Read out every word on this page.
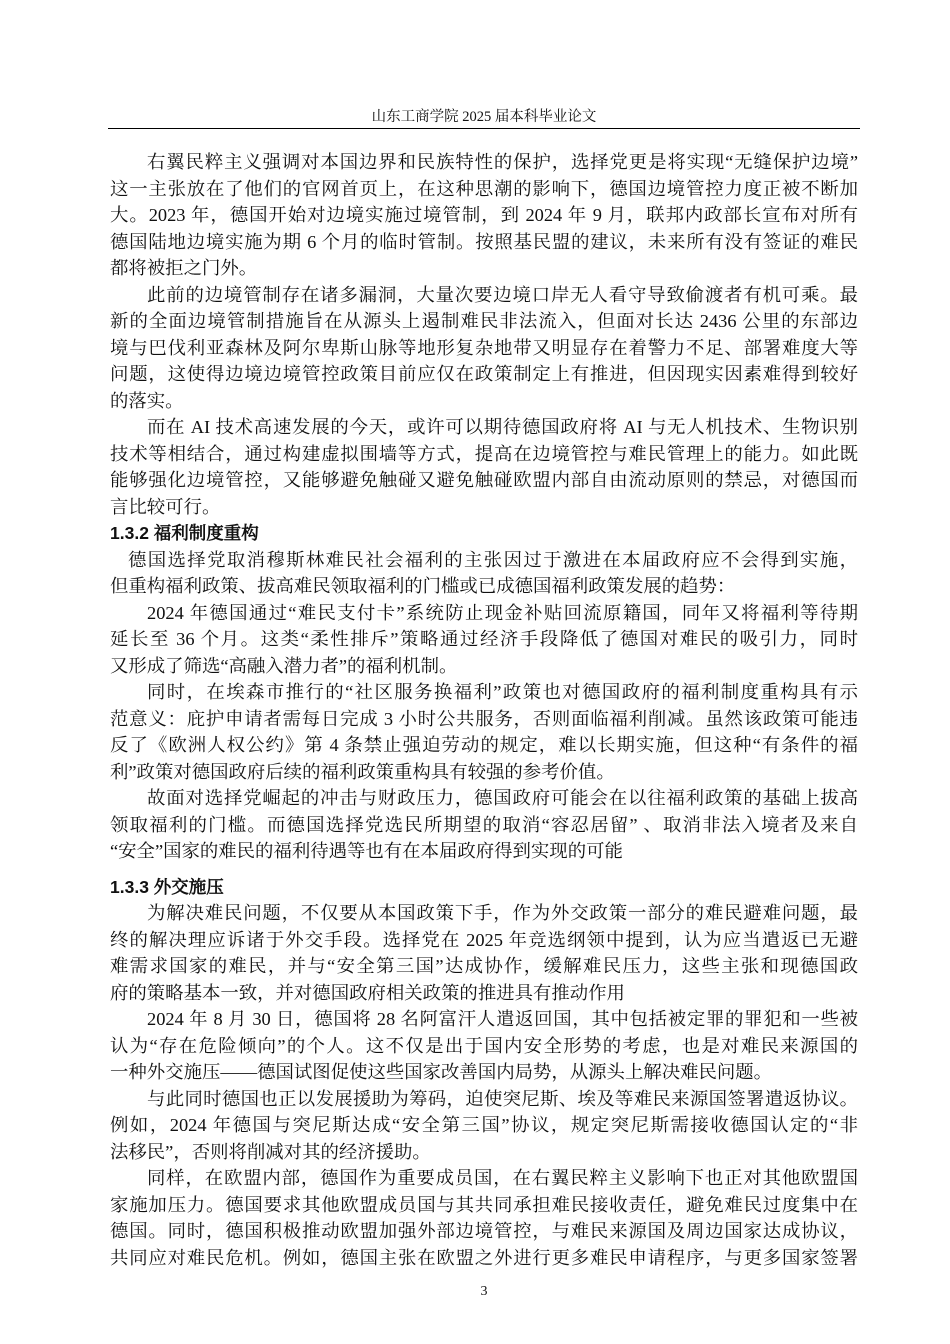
山东工商学院 2025 届本科毕业论文
右翼民粹主义强调对本国边界和民族特性的保护，选择党更是将实现“无缝保护边境”
这一主张放在了他们的官网首页上，在这种思潮的影响下，德国边境管控力度正被不断加
大。2023 年，德国开始对边境实施过境管制，到 2024 年 9 月，联邦内政部长宣布对所有
德国陆地边境实施为期 6 个月的临时管制。按照基民盟的建议，未来所有没有签证的难民
都将被拒之门外。
此前的边境管制存在诸多漏洞，大量次要边境口岸无人看守导致偷渡者有机可乘。最
新的全面边境管制措施旨在从源头上遏制难民非法流入，但面对长达 2436 公里的东部边
境与巴伐利亚森林及阿尔卑斯山脉等地形复杂地带又明显存在着警力不足、部署难度大等
问题，这使得边境边境管控政策目前应仅在政策制定上有推进，但因现实因素难得到较好
的落实。
而在 AI 技术高速发展的今天，或许可以期待德国政府将 AI 与无人机技术、生物识别
技术等相结合，通过构建虚拟围墙等方式，提高在边境管控与难民管理上的能力。如此既
能够强化边境管控，又能够避免触碰又避免触碰欧盟内部自由流动原则的禁忌，对德国而
言比较可行。
1.3.2 福利制度重构
德国选择党取消穆斯林难民社会福利的主张因过于激进在本届政府应不会得到实施，
但重构福利政策、拔高难民领取福利的门槛或已成德国福利政策发展的趋势：
2024 年德国通过“难民支付卡”系统防止现金补贴回流原籍国，同年又将福利等待期
延长至 36 个月。这类“柔性排斥”策略通过经济手段降低了德国对难民的吸引力，同时
又形成了筛选“高融入潜力者”的福利机制。
同时，在埃森市推行的“社区服务换福利”政策也对德国政府的福利制度重构具有示
范意义：庇护申请者需每日完成 3 小时公共服务，否则面临福利削减。虽然该政策可能违
反了《欧洲人权公约》第 4 条禁止强迫劳动的规定，难以长期实施，但这种“有条件的福
利”政策对德国政府后续的福利政策重构具有较强的参考价值。
故面对选择党崛起的冲击与财政压力，德国政府可能会在以往福利政策的基础上拔高
领取福利的门槛。而德国选择党选民所期望的取消“容忍居留” 、取消非法入境者及来自
“安全”国家的难民的福利待遇等也有在本届政府得到实现的可能
1.3.3 外交施压
为解决难民问题，不仅要从本国政策下手，作为外交政策一部分的难民避难问题，最
终的解决理应诉诸于外交手段。选择党在 2025 年竞选纲领中提到，认为应当遣返已无避
难需求国家的难民，并与“安全第三国”达成协作，缓解难民压力，这些主张和现德国政
府的策略基本一致，并对德国政府相关政策的推进具有推动作用
2024 年 8 月 30 日，德国将 28 名阿富汗人遣返回国，其中包括被定罪的罪犯和一些被
认为“存在危险倾向”的个人。这不仅是出于国内安全形势的考虑，也是对难民来源国的
一种外交施压——德国试图促使这些国家改善国内局势，从源头上解决难民问题。
与此同时德国也正以发展援助为筹码，迫使突尼斯、埃及等难民来源国签署遣返协议。
例如，2024 年德国与突尼斯达成“安全第三国”协议，规定突尼斯需接收德国认定的“非
法移民”，否则将削减对其的经济援助。
同样，在欧盟内部，德国作为重要成员国，在右翼民粹主义影响下也正对其他欧盟国
家施加压力。德国要求其他欧盟成员国与其共同承担难民接收责任，避免难民过度集中在
德国。同时，德国积极推动欧盟加强外部边境管控，与难民来源国及周边国家达成协议，
共同应对难民危机。例如，德国主张在欧盟之外进行更多难民申请程序，与更多国家签署
3
